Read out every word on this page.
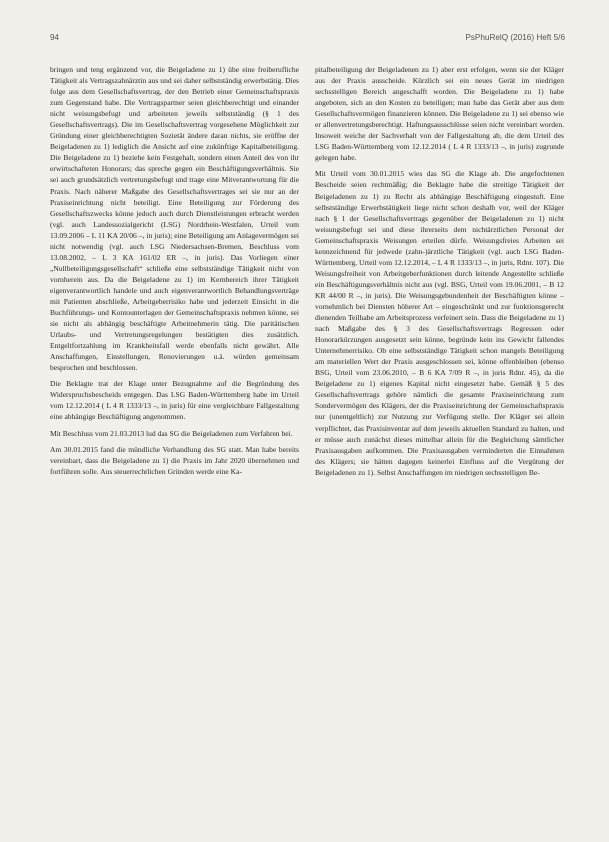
94	PsPhuRelQ (2016) Heft 5/6

bringen und teng ergänzend vor, die Beigeladene zu 1) übe eine freiberufliche Tätigkeit als Vertragszahnärztin aus und sei daher selbstständig erwerbstätig. Dies folge aus dem Gesellschaftsvertrag, der den Betrieb einer Gemeinschaftspraxis zum Gegenstand habe. Die Vertragspartner seien gleichberechtigt und einander nicht weisungsbefugt und arbeiteten jeweils selbstständig (§ 1 des Gesellschaftsvertrags). Die im Gesellschaftsvertrag vorgesehene Möglichkeit zur Gründung einer gleichberechtigten Sozietät ändere daran nichts, sie eröffne der Beigeladenen zu 1) lediglich die Ansicht auf eine zukünftige Kapitalbeteiligung. Die Beigeladene zu 1) beziehe kein Festgehalt, sondern einen Anteil des von ihr erwirtschafteten Honorars; das spreche gegen ein Beschäftigungsverhältnis. Sie sei auch grundsätzlich vertretungsbefugt und trage eine Mitverantwortung für die Praxis. Nach näherer Maßgabe des Gesellschaftsvertrages sei sie nur an der Praxiseinrichtung nicht beteiligt. Eine Beteiligung zur Förderung des Gesellschaftszwecks könne jedoch auch durch Dienstleistungen erbracht werden (vgl. auch Landessozialgericht (LSG) Nordrhein-Westfalen, Urteil vom 13.09.2006 – L 11 KA 20/06 –, in juris); eine Beteiligung am Anlagevermögen sei nicht notwendig (vgl. auch LSG Niedersachsen-Bremen, Beschluss vom 13.08.2002, – L 3 KA 161/02 ER –, in juris). Das Vorliegen einer „Nullbeteiligungsgesellschaft“ schließe eine selbstständige Tätigkeit nicht von vornherein aus. Da die Beigeladene zu 1) im Kernbereich ihrer Tätigkeit eigenverantwortlich handele und auch eigenverantwortlich Behandlungsverträge mit Patienten abschließe, Arbeitgeberrisiko habe und jederzeit Einsicht in die Buchführungs- und Kontounterlagen der Gemeinschaftspraxis nehmen könne, sei sie nicht als abhängig beschäftigte Arbeitnehmerin tätig. Die paritätischen Urlaubs- und Vertretungsregelungen bestätigten dies zusätzlich. Entgeltfortzahlung im Krankheitsfall werde ebenfalls nicht gewährt. Alle Anschaffungen, Einstellungen, Renovierungen u.ä. würden gemeinsam besprochen und beschlossen.

Die Beklagte trat der Klage unter Bezugnahme auf die Begründung des Widerspruchsbescheids entgegen. Das LSG Baden-Württemberg habe im Urteil vom 12.12.2014 ( L 4 R 1333/13 –, in juris) für eine vergleichbare Fallgestaltung eine abhängige Beschäftigung angenommen.

Mit Beschluss vom 21.03.2013 lud das SG die Beigeladenen zum Verfahren bei.

Am 30.01.2015 fand die mündliche Verhandlung des SG statt. Man habe bereits vereinbart, dass die Beigeladene zu 1) die Praxis im Jahr 2020 übernehmen und fortführen solle. Aus steuerrechtlichen Gründen werde eine Ka-

pitalbeteiligung der Beigeladenen zu 1) aber erst erfolgen, wenn sie der Kläger aus der Praxis ausscheide. Kürzlich sei ein neues Gerät im niedrigen sechsstelligen Bereich angeschafft worden. Die Beigeladene zu 1) habe angeboten, sich an den Kosten zu beteiligen; man habe das Gerät aber aus dem Gesellschaftsvermögen finanzieren können. Die Beigeladene zu 1) sei ebenso wie er allenvertretungsberechtigt. Haftungsausschlüsse seien nicht vereinbart worden. Insoweit weiche der Sachverhalt von der Fallgestaltung ab, die dem Urteil des LSG Baden-Württemberg vom 12.12.2014 ( L 4 R 1333/13 –, in juris) zugrunde gelegen habe.

Mit Urteil vom 30.01.2015 wies das SG die Klage ab. Die angefochtenen Bescheide seien rechtmäßig; die Beklagte habe die streitige Tätigkeit der Beigeladenen zu 1) zu Recht als abhängige Beschäftigung eingestuft. Eine selbstständige Erwerbstätigkeit liege nicht schon deshalb vor, weil der Kläger nach § 1 der Gesellschaftsvertrags gegenüber der Beigeladenen zu 1) nicht weisungsbefugt sei und diese ihrerseits dem nichtärztlichen Personal der Gemeinschaftspraxis Weisungen erteilen dürfe. Weisungsfreies Arbeiten sei kennzeichnend für jedwede (zahn-)ärztliche Tätigkeit (vgl. auch LSG Baden-Württemberg, Urteil vom 12.12.2014, – L 4 R 1333/13 –, in juris, Rdnr. 107). Die Weisungsfreiheit von Arbeitgeberfunktionen durch leitende Angestellte schließe ein Beschäftigungsverhältnis nicht aus (vgl. BSG, Urteil vom 19.06.2001, – B 12 KR 44/00 R –, in juris). Die Weisungsgebundenheit der Beschäftigten könne – vornehmlich bei Diensten höherer Art – eingeschränkt und zur funktionsgerecht dienenden Teilhabe am Arbeitsprozess verfeinert sein. Dass die Beigeladene zu 1) nach Maßgabe des § 3 des Gesellschaftsvertrags Regressen oder Honorarkürzungen ausgesetzt sein könne, begründe kein ins Gewicht fallendes Unternehmerrisiko. Ob eine selbstständige Tätigkeit schon mangels Beteiligung am materiellen Wert der Praxis ausgeschlossen sei, könne offenbleiben (ebenso BSG, Urteil vom 23.06.2010, – B 6 KA 7/09 R –, in juris Rdnr. 45), da die Beigeladene zu 1) eigenes Kapital nicht eingesetzt habe. Gemäß § 5 des Gesellschaftsvertrags gehöre nämlich die gesamte Praxiseinrichtung zum Sondervermögen des Klägers, der die Praxiseinrichtung der Gemeinschaftspraxis nur (unentgeltlich) zur Nutzung zur Verfügung stelle. Der Kläger sei allein verpflichtet, das Praxisinventar auf dem jeweils aktuellen Standard zu halten, und er müsse auch zunächst dieses mittelbar allein für die Begleichung sämtlicher Praxisausgaben aufkommen. Die Praxisausgaben verminderten die Einnahmen des Klägers; sie hätten dagegen keinerlei Einfluss auf die Vergütung der Beigeladenen zu 1). Selbst Anschaffungen im niedrigen sechsstelligen Be-
